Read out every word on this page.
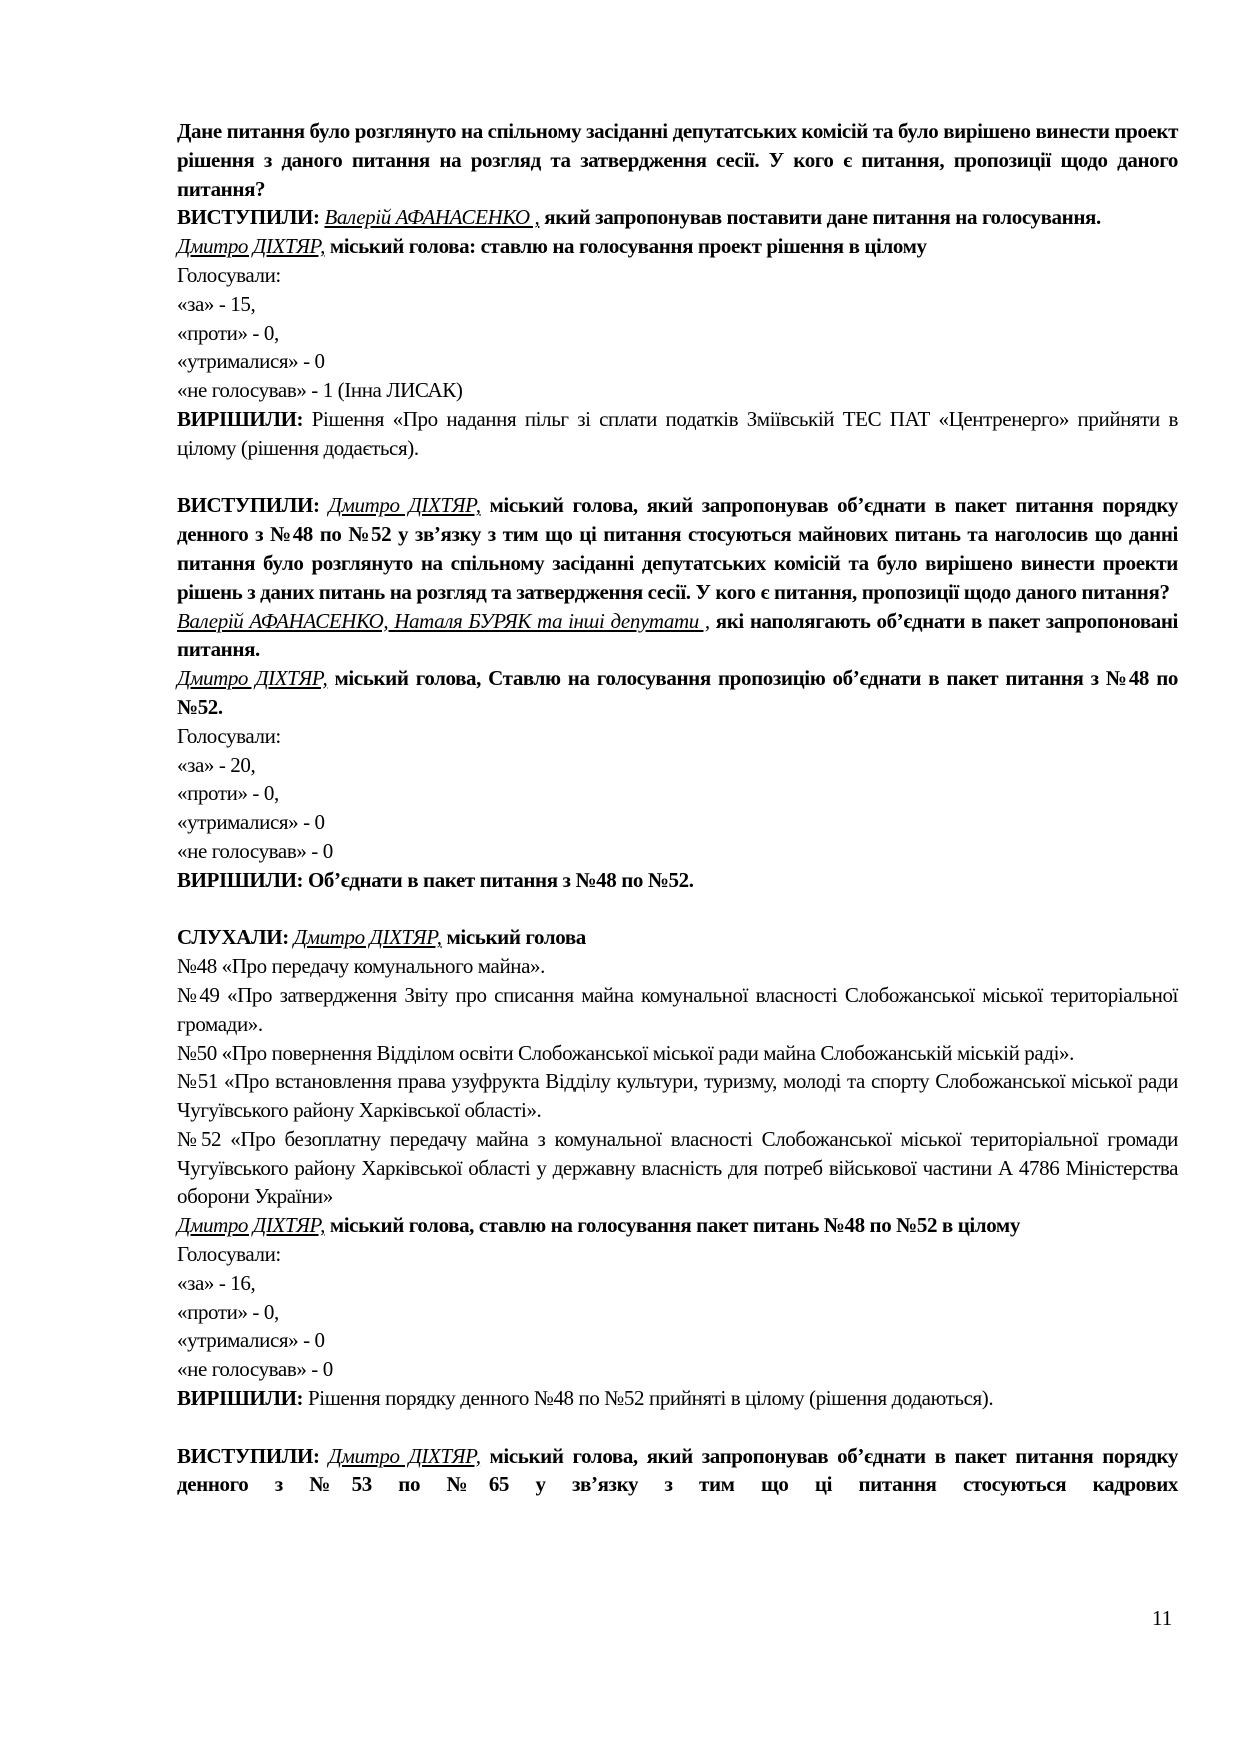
Дане питання було розглянуто на спільному засіданні депутатських комісій та було вирішено винести проект рішення з даного питання на розгляд та затвердження сесії. У кого є питання, пропозиції щодо даного питання?
ВИСТУПИЛИ: Валерій АФАНАСЕНКО , який запропонував поставити дане питання на голосування.
Дмитро ДІХТЯР, міський голова: ставлю на голосування проект рішення в цілому
Голосували:
«за» - 15,
«проти» - 0,
«утрималися» - 0
«не голосував» - 1 (Інна ЛИСАК)
ВИРІШИЛИ: Рішення «Про надання пільг зі сплати податків Зміївській ТЕС ПАТ «Центренерго» прийняти в цілому (рішення додається).
ВИСТУПИЛИ: Дмитро ДІХТЯР, міський голова, який запропонував об’єднати в пакет питання порядку денного з №48 по №52 у зв’язку з тим що ці питання стосуються майнових питань та наголосив що данні питання було розглянуто на спільному засіданні депутатських комісій та було вирішено винести проекти рішень з даних питань на розгляд та затвердження сесії. У кого є питання, пропозиції щодо даного питання?
Валерій АФАНАСЕНКО, Наталя БУРЯК та інші депутати , які наполягають об’єднати в пакет запропоновані питання.
Дмитро ДІХТЯР, міський голова, Ставлю на голосування пропозицію об’єднати в пакет питання з №48 по №52.
Голосували:
«за» - 20,
«проти» - 0,
«утрималися» - 0
«не голосував» - 0
ВИРІШИЛИ: Об’єднати в пакет питання з №48 по №52.
СЛУХАЛИ: Дмитро ДІХТЯР, міський голова
№48 «Про передачу комунального майна».
№49 «Про затвердження Звіту про списання майна комунальної власності Слобожанської міської територіальної громади».
№50 «Про повернення Відділом освіти Слобожанської міської ради майна Слобожанській міській раді».
№51 «Про встановлення права узуфрукта Відділу культури, туризму, молоді та спорту Слобожанської міської ради Чугуївського району Харківської області».
№52 «Про безоплатну передачу майна з комунальної власності Слобожанської міської територіальної громади Чугуївського району Харківської області у державну власність для потреб військової частини А 4786 Міністерства оборони України»
Дмитро ДІХТЯР, міський голова, ставлю на голосування пакет питань №48 по №52 в цілому
Голосували:
«за» - 16,
«проти» - 0,
«утрималися» - 0
«не голосував» - 0
ВИРІШИЛИ: Рішення порядку денного №48 по №52 прийняті в цілому (рішення додаються).
ВИСТУПИЛИ: Дмитро ДІХТЯР, міський голова, який запропонував об’єднати в пакет питання порядку денного з №53 по №65 у зв’язку з тим що ці питання стосуються кадрових
11
